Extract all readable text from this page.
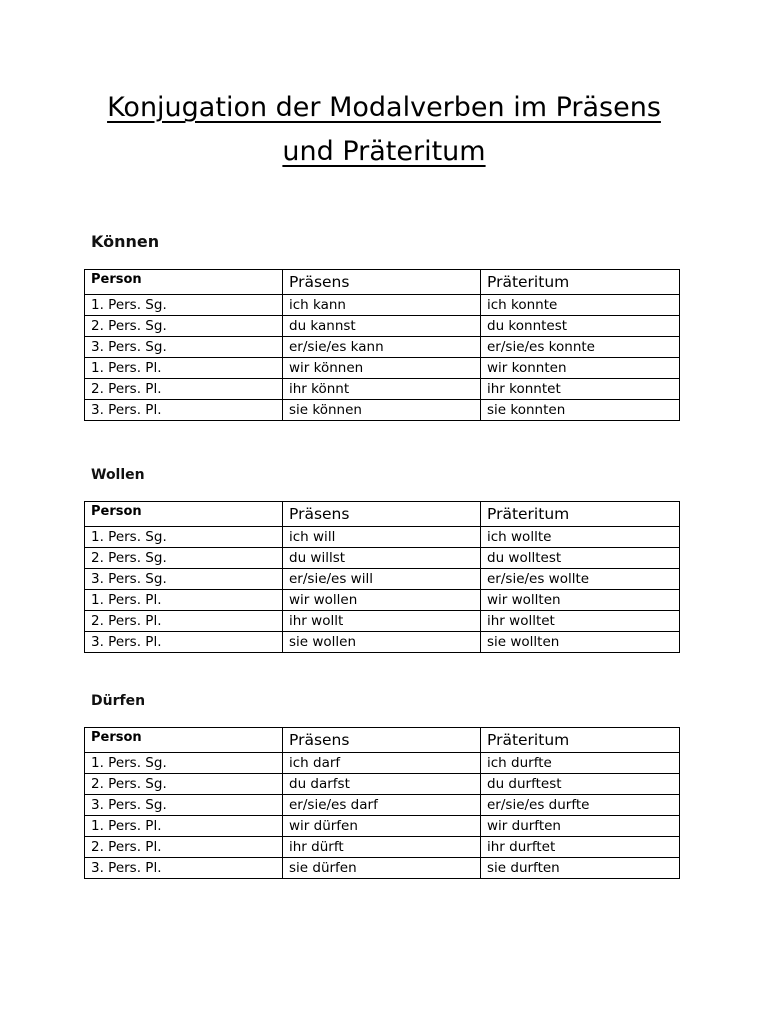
Konjugation der Modalverben im Präsens
und Präteritum
Können
Person	Präsens	Präteritum
1. Pers. Sg.	ich kann	ich konnte
2. Pers. Sg.	du kannst	du konntest
3. Pers. Sg.	er/sie/es kann	er/sie/es konnte
1. Pers. Pl.	wir können	wir konnten
2. Pers. Pl.	ihr könnt	ihr konntet
3. Pers. Pl.	sie können	sie konnten
Wollen
Person	Präsens	Präteritum
1. Pers. Sg.	ich will	ich wollte
2. Pers. Sg.	du willst	du wolltest
3. Pers. Sg.	er/sie/es will	er/sie/es wollte
1. Pers. Pl.	wir wollen	wir wollten
2. Pers. Pl.	ihr wollt	ihr wolltet
3. Pers. Pl.	sie wollen	sie wollten
Dürfen
Person	Präsens	Präteritum
1. Pers. Sg.	ich darf	ich durfte
2. Pers. Sg.	du darfst	du durftest
3. Pers. Sg.	er/sie/es darf	er/sie/es durfte
1. Pers. Pl.	wir dürfen	wir durften
2. Pers. Pl.	ihr dürft	ihr durftet
3. Pers. Pl.	sie dürfen	sie durften
